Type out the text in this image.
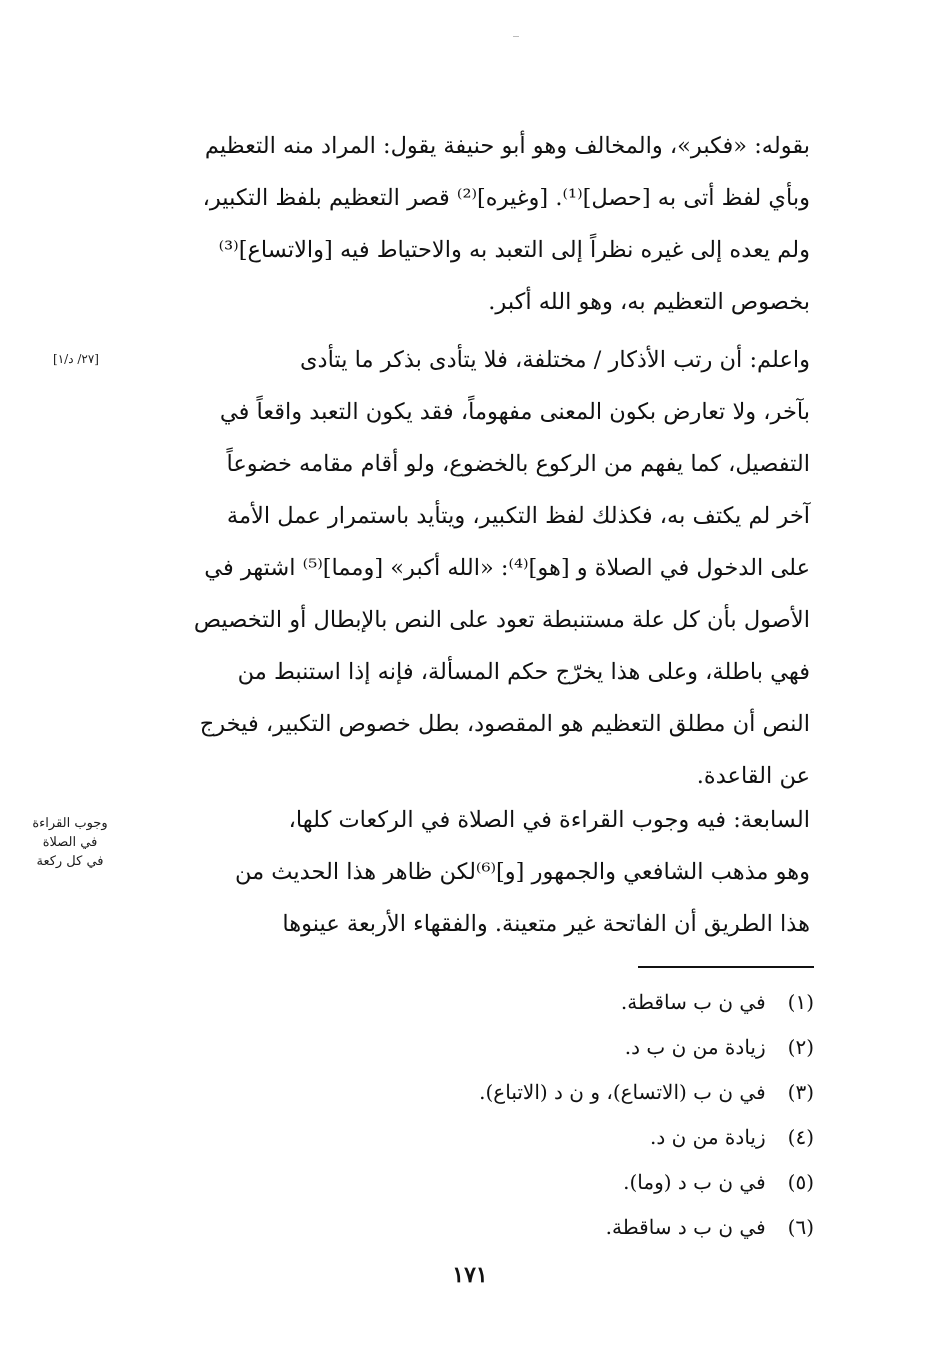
بقوله: «فكبر»، والمخالف وهو أبو حنيفة يقول: المراد منه التعظيم
وبأي لفظ أتى به [حصل]⁽¹⁾. [وغيره]⁽²⁾ قصر التعظيم بلفظ التكبير،
ولم يعده إلى غيره نظراً إلى التعبد به والاحتياط فيه [والاتساع]⁽³⁾
بخصوص التعظيم به، وهو الله أكبر.
[٢٧/ د/١]	واعلم: أن رتب الأذكار / مختلفة، فلا يتأدى بذكر ما يتأدى
بآخر، ولا تعارض بكون المعنى مفهوماً، فقد يكون التعبد واقعاً في
التفصيل، كما يفهم من الركوع بالخضوع، ولو أقام مقامه خضوعاً
آخر لم يكتف به، فكذلك لفظ التكبير، ويتأيد باستمرار عمل الأمة
على الدخول في الصلاة و [هو]⁽⁴⁾: «الله أكبر» [ومما]⁽⁵⁾ اشتهر في
الأصول بأن كل علة مستنبطة تعود على النص بالإبطال أو التخصيص
فهي باطلة، وعلى هذا يخرّج حكم المسألة، فإنه إذا استنبط من
النص أن مطلق التعظيم هو المقصود، بطل خصوص التكبير، فيخرج
عن القاعدة.
وجوب القراءة
في الصلاة
في كل ركعة
السابعة: فيه وجوب القراءة في الصلاة في الركعات كلها،
وهو مذهب الشافعي والجمهور [و]⁽⁶⁾لكن ظاهر هذا الحديث من
هذا الطريق أن الفاتحة غير متعينة. والفقهاء الأربعة عينوها
(١) في ن ب ساقطة.
(٢) زيادة من ن ب د.
(٣) في ن ب (الاتساع)، و ن د (الاتباع).
(٤) زيادة من ن د.
(٥) في ن ب د (وما).
(٦) في ن ب د ساقطة.
١٧١
